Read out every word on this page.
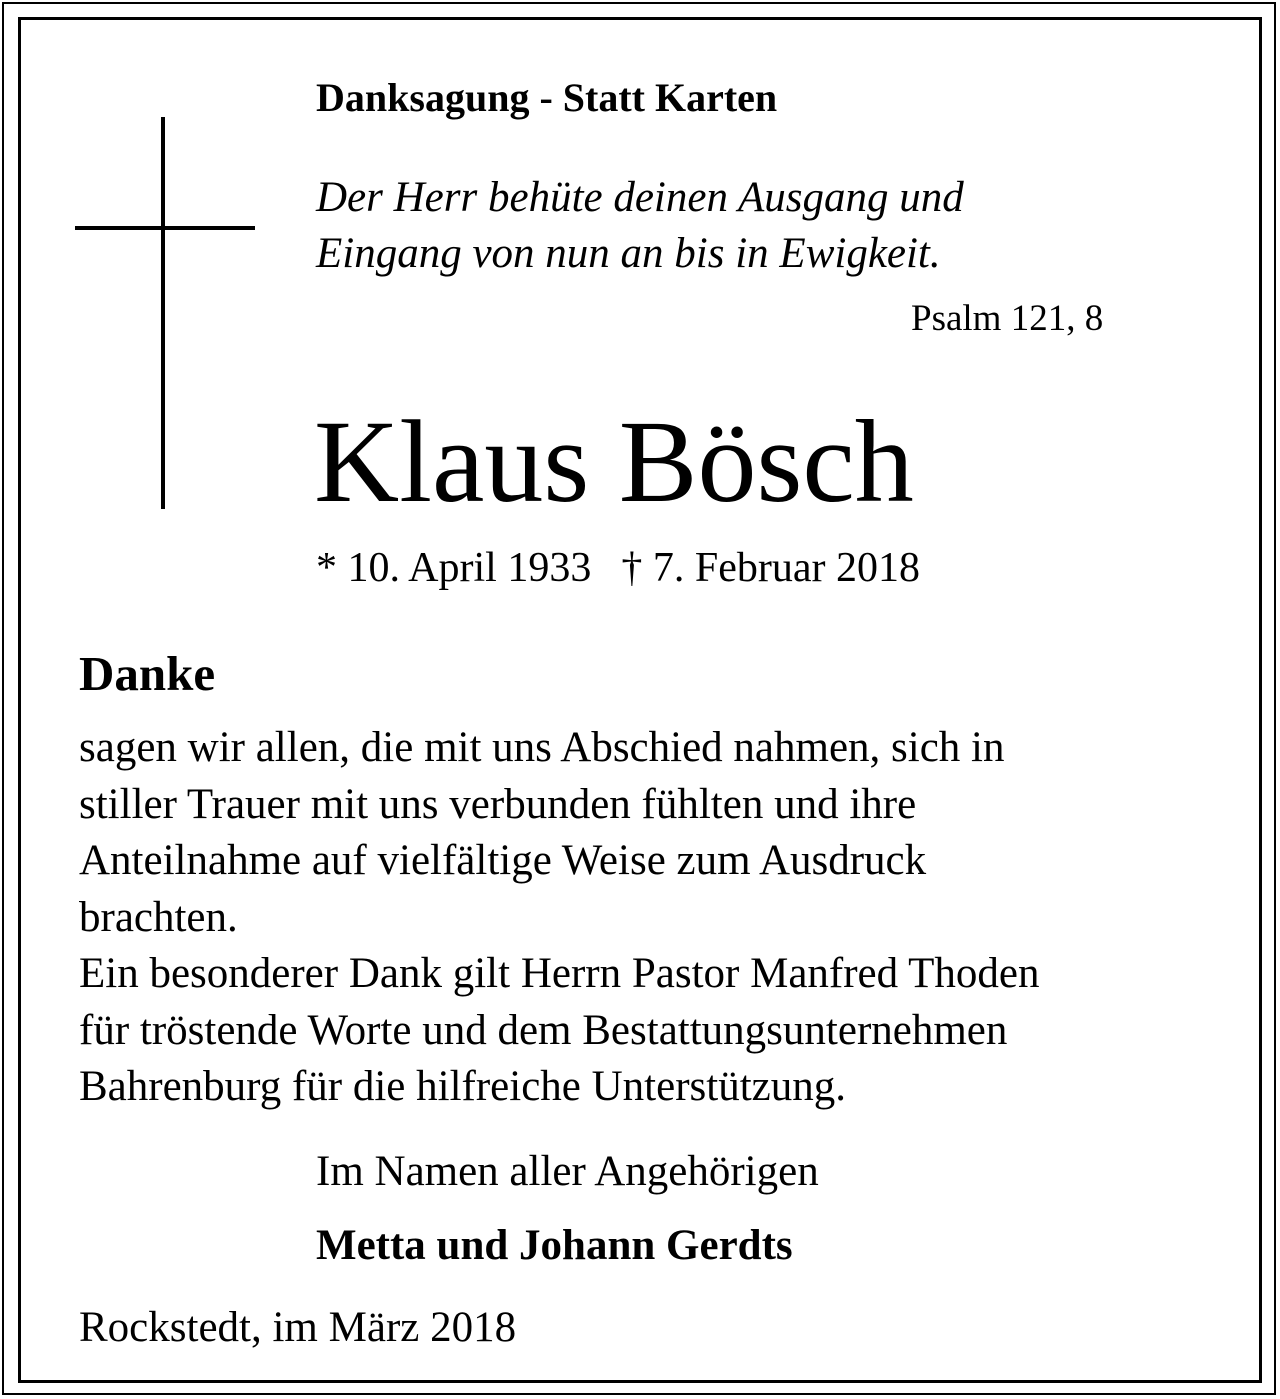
Danksagung - Statt Karten
Der Herr behüte deinen Ausgang und
Eingang von nun an bis in Ewigkeit.
Psalm 121, 8
Klaus Bösch
* 10. April 1933 † 7. Februar 2018
Danke
sagen wir allen, die mit uns Abschied nahmen, sich in
stiller Trauer mit uns verbunden fühlten und ihre
Anteilnahme auf vielfältige Weise zum Ausdruck
brachten.
Ein besonderer Dank gilt Herrn Pastor Manfred Thoden
für tröstende Worte und dem Bestattungsunternehmen
Bahrenburg für die hilfreiche Unterstützung.
Im Namen aller Angehörigen
Metta und Johann Gerdts
Rockstedt, im März 2018
